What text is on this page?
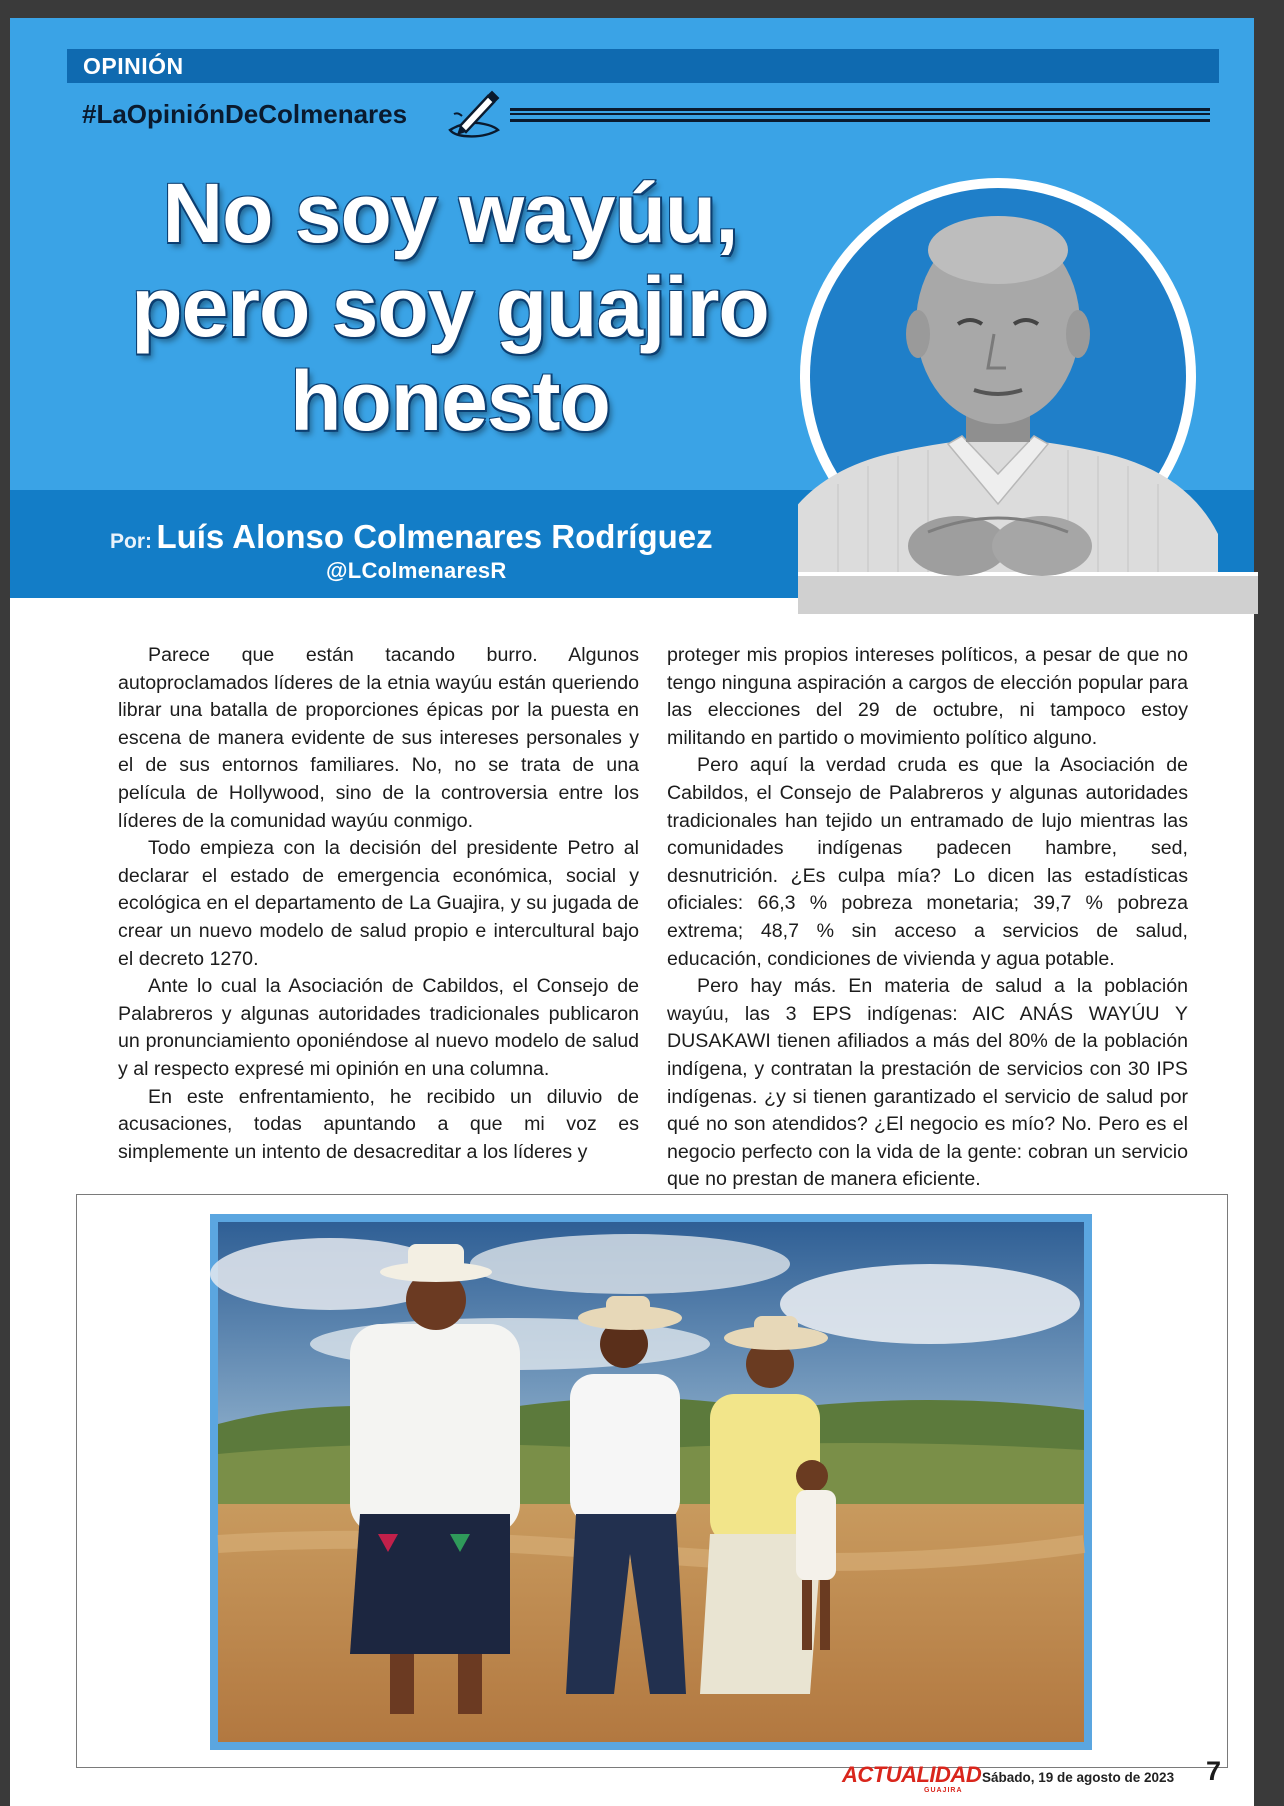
OPINIÓN
#LaOpiniónDeColmenares
No soy wayúu,
pero soy guajiro
honesto
Por: Luís Alonso Colmenares Rodríguez
@LColmenaresR

Parece que están tacando burro. Algunos autoproclamados líderes de la etnia wayúu están queriendo librar una batalla de proporciones épicas por la puesta en escena de manera evidente de sus intereses personales y el de sus entornos familiares. No, no se trata de una película de Hollywood, sino de la controversia entre los líderes de la comunidad wayúu conmigo.

Todo empieza con la decisión del presidente Petro al declarar el estado de emergencia económica, social y ecológica en el departamento de La Guajira, y su jugada de crear un nuevo modelo de salud propio e intercultural bajo el decreto 1270.

Ante lo cual la Asociación de Cabildos, el Consejo de Palabreros y algunas autoridades tradicionales publicaron un pronunciamiento oponiéndose al nuevo modelo de salud y al respecto expresé mi opinión en una columna.

En este enfrentamiento, he recibido un diluvio de acusaciones, todas apuntando a que mi voz es simplemente un intento de desacreditar a los líderes y

proteger mis propios intereses políticos, a pesar de que no tengo ninguna aspiración a cargos de elección popular para las elecciones del 29 de octubre, ni tampoco estoy militando en partido o movimiento político alguno.

Pero aquí la verdad cruda es que la Asociación de Cabildos, el Consejo de Palabreros y algunas autoridades tradicionales han tejido un entramado de lujo mientras las comunidades indígenas padecen hambre, sed, desnutrición. ¿Es culpa mía? Lo dicen las estadísticas oficiales: 66,3 % pobreza monetaria; 39,7 % pobreza extrema; 48,7 % sin acceso a servicios de salud, educación, condiciones de vivienda y agua potable.

Pero hay más. En materia de salud a la población wayúu, las 3 EPS indígenas: AIC ANÁS WAYÚU Y DUSAKAWI tienen afiliados a más del 80% de la población indígena, y contratan la prestación de servicios con 30 IPS indígenas. ¿y si tienen garantizado el servicio de salud por qué no son atendidos? ¿El negocio es mío? No. Pero es el negocio perfecto con la vida de la gente: cobran un servicio que no prestan de manera eficiente.

ACTUALIDAD
GUAJIRA
Sábado, 19 de agosto de 2023 7
